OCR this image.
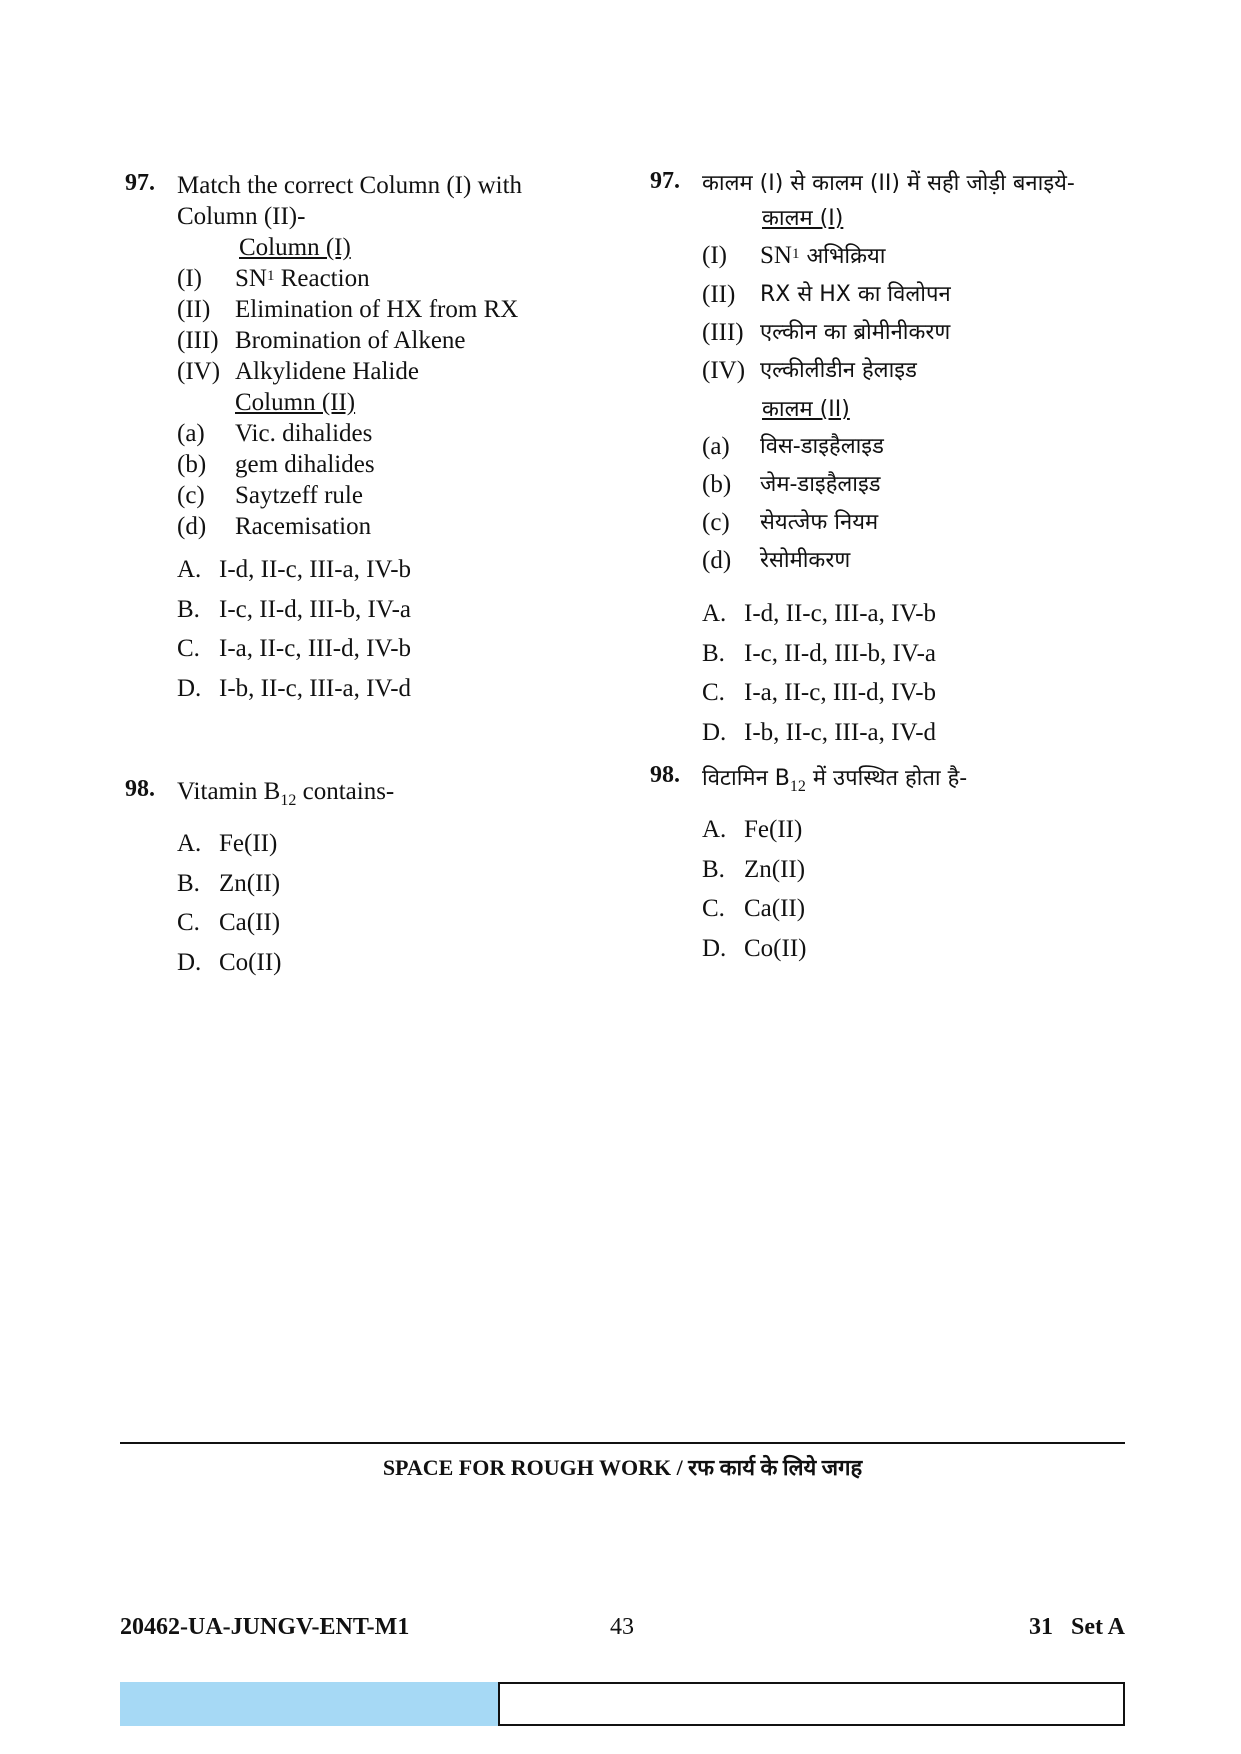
97. Match the correct Column (I) with Column (II)-
Column (I)
(I)	$SN^1$ Reaction
(II) Elimination of HX from RX
(III) Bromination of Alkene
(IV) Alkylidene Halide
Column (II)
(a)	Vic. dihalides
(b)	gem dihalides
(c)	Saytzeff rule
(d)	Racemisation
A. I-d, II-c, III-a, IV-b
B. I-c, II-d, III-b, IV-a
C. I-a, II-c, III-d, IV-b
D. I-b, II-c, III-a, IV-d
98. Vitamin $B_{12}$ contains-
A. Fe(II)
B. Zn(II)
C. Ca(II)
D. Co(II)
97. कालम (I) से कालम (II) में सही जोड़ी बनाइये-
कालम (I)
(I)	$SN^1$ अभिक्रिया
(II)	RX से HX का विलोपन
(III) एल्कीन का ब्रोमीनीकरण
(IV) एल्कीलीडीन हेलाइड
कालम (II)
(a)	विस-डाइहैलाइड
(b)	जेम-डाइहैलाइड
(c)	सेयत्जेफ नियम
(d)	रेसोमीकरण
A. I-d, II-c, III-a, IV-b
B. I-c, II-d, III-b, IV-a
C. I-a, II-c, III-d, IV-b
D. I-b, II-c, III-a, IV-d
98. विटामिन $B_{12}$ में उपस्थित होता है-
A. Fe(II)
B. Zn(II)
C. Ca(II)
D. Co(II)
SPACE FOR ROUGH WORK / रफ कार्य के लिये जगह
20462-UA-JUNGV-ENT-M1	43	31   Set A
